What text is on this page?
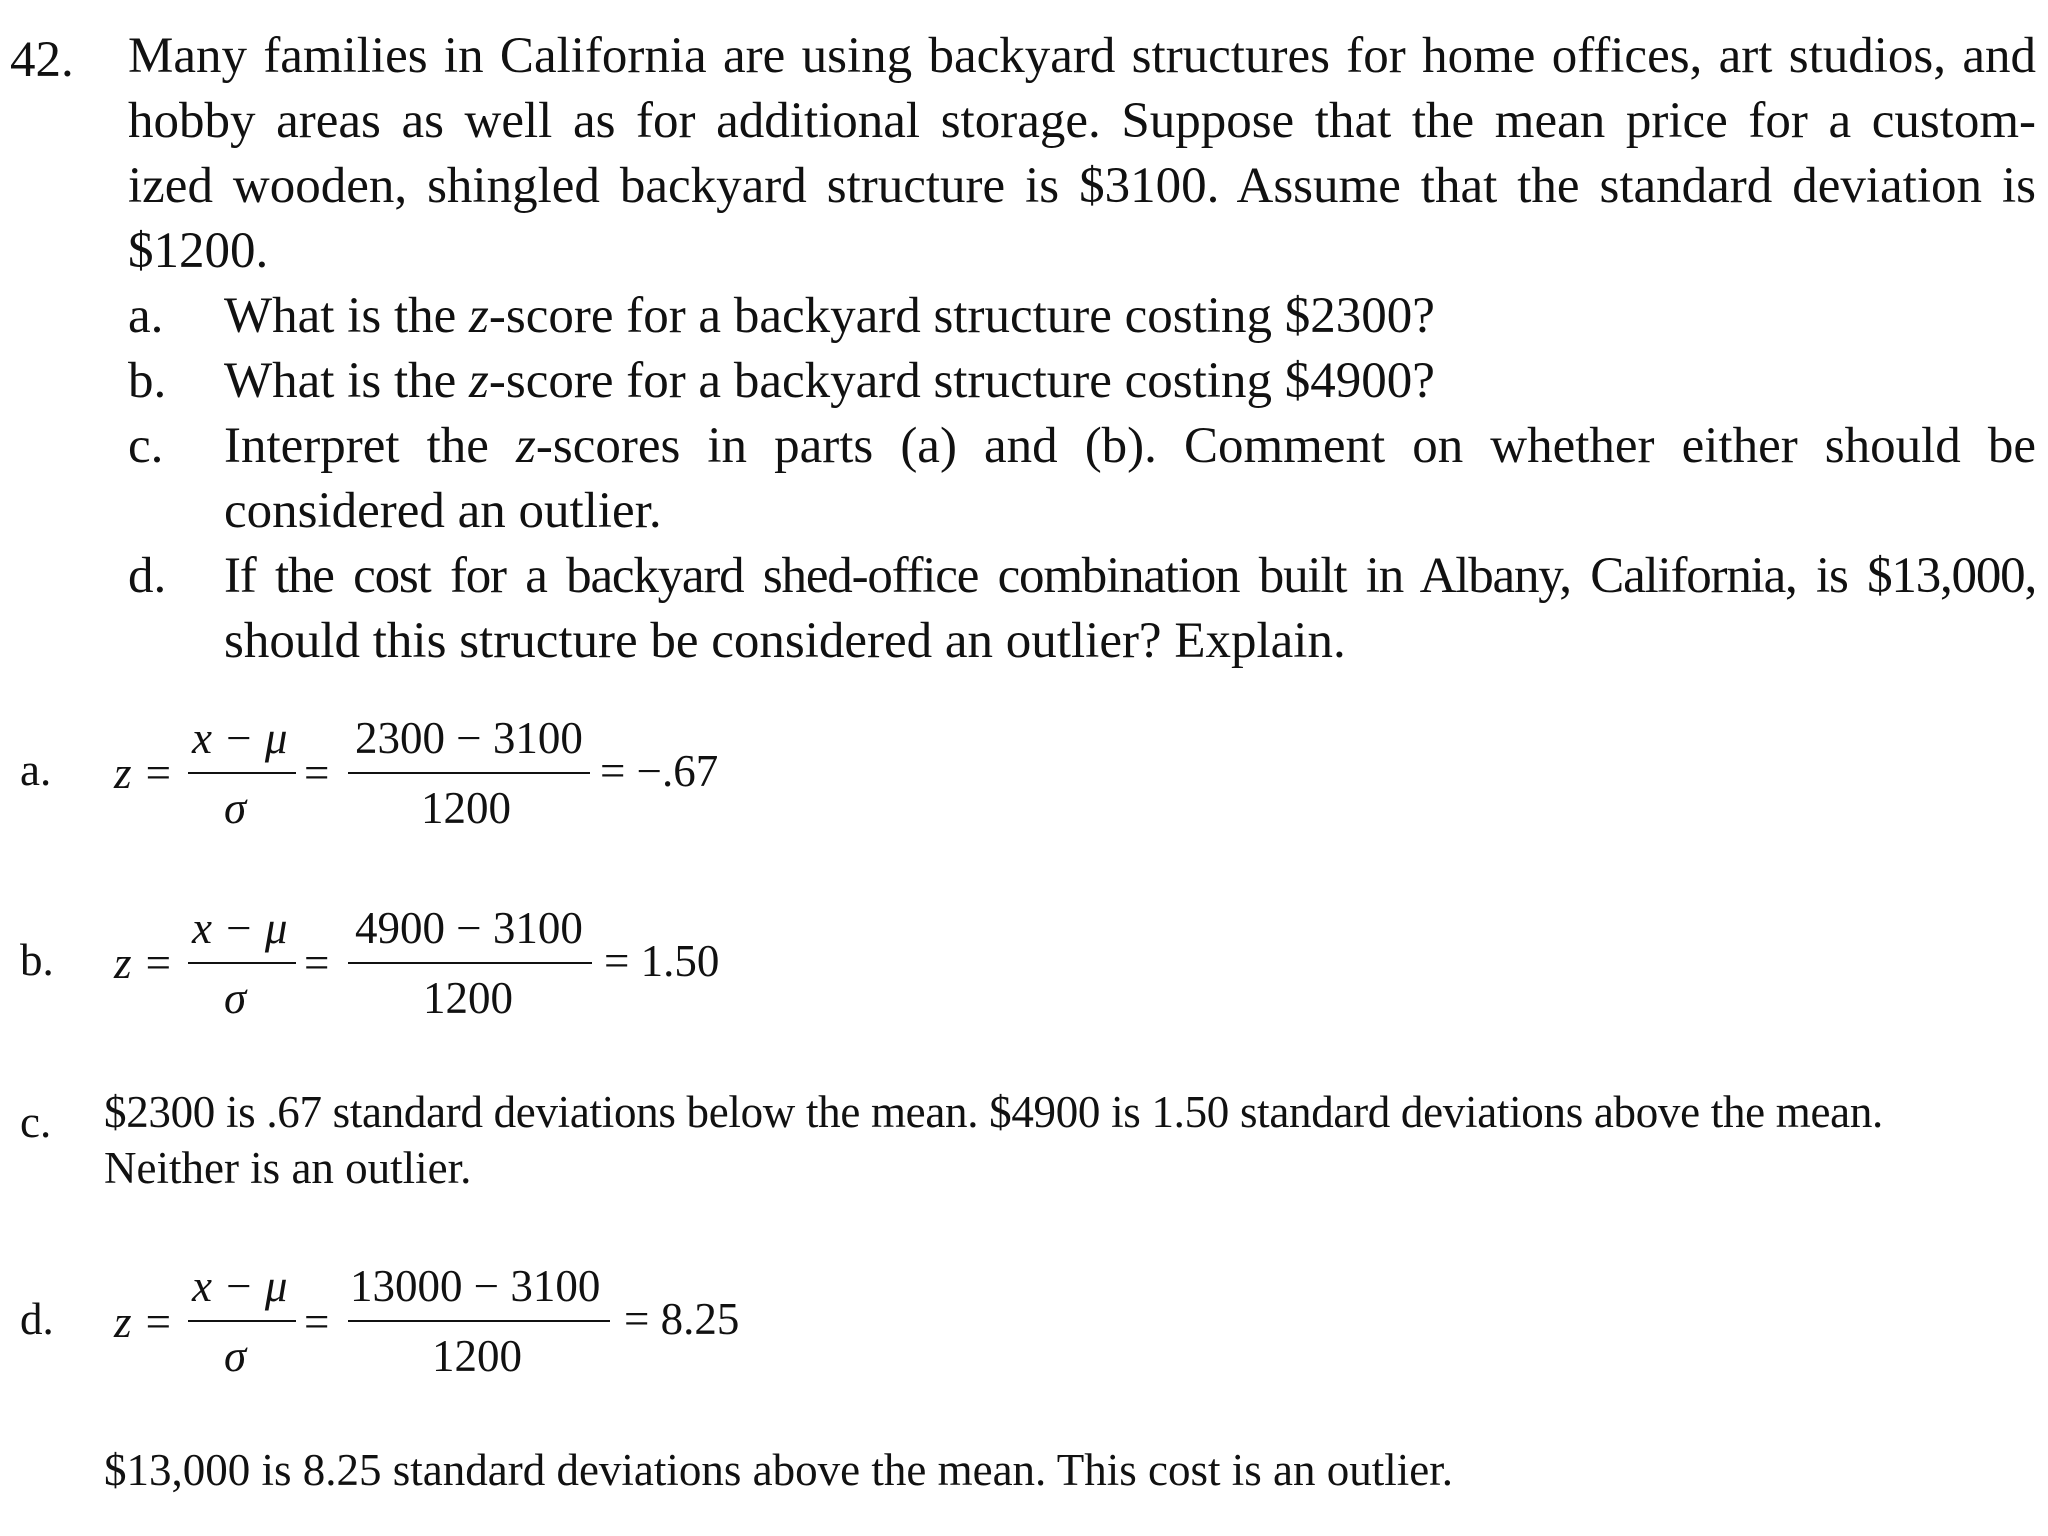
42. Many families in California are using backyard structures for home offices, art studios, and
hobby areas as well as for additional storage. Suppose that the mean price for a custom-
ized wooden, shingled backyard structure is $3100. Assume that the standard deviation is
$1200.
a. What is the z-score for a backyard structure costing $2300?
b. What is the z-score for a backyard structure costing $4900?
c. Interpret the z-scores in parts (a) and (b). Comment on whether either should be
considered an outlier.
d. If the cost for a backyard shed-office combination built in Albany, California, is $13,000,
should this structure be considered an outlier? Explain.
a. z =
x − μ
σ
=
2300 − 3100
1200
= −.67
b. z =
x − μ
σ
=
4900 − 3100
1200
= 1.50
c. $2300 is .67 standard deviations below the mean. $4900 is 1.50 standard deviations above the mean.
Neither is an outlier.
d. z =
x − μ
σ
=
13000 − 3100
1200
= 8.25
$13,000 is 8.25 standard deviations above the mean. This cost is an outlier.
